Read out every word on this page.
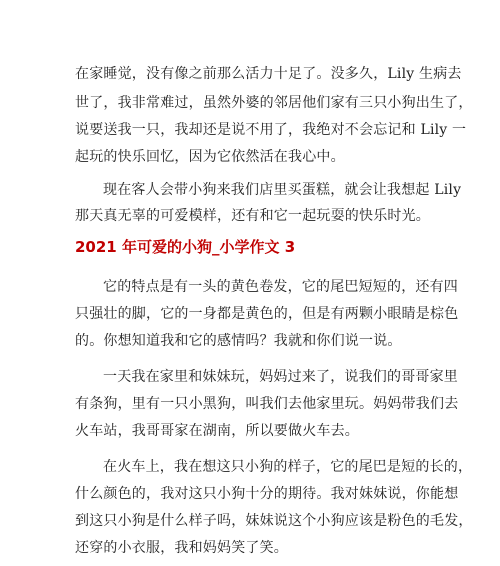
在家睡觉，没有像之前那么活力十足了。没多久，Lily 生病去
世了，我非常难过，虽然外婆的邻居他们家有三只小狗出生了，
说要送我一只，我却还是说不用了，我绝对不会忘记和 Lily 一
起玩的快乐回忆，因为它依然活在我心中。
现在客人会带小狗来我们店里买蛋糕，就会让我想起 Lily
那天真无辜的可爱模样，还有和它一起玩耍的快乐时光。
2021 年可爱的小狗_小学作文 3
它的特点是有一头的黄色卷发，它的尾巴短短的，还有四
只强壮的脚，它的一身都是黄色的，但是有两颗小眼睛是棕色
的。你想知道我和它的感情吗？我就和你们说一说。
一天我在家里和妹妹玩，妈妈过来了，说我们的哥哥家里
有条狗，里有一只小黑狗，叫我们去他家里玩。妈妈带我们去
火车站，我哥哥家在湖南，所以要做火车去。
在火车上，我在想这只小狗的样子，它的尾巴是短的长的，
什么颜色的，我对这只小狗十分的期待。我对妹妹说，你能想
到这只小狗是什么样子吗，妹妹说这个小狗应该是粉色的毛发，
还穿的小衣服，我和妈妈笑了笑。
